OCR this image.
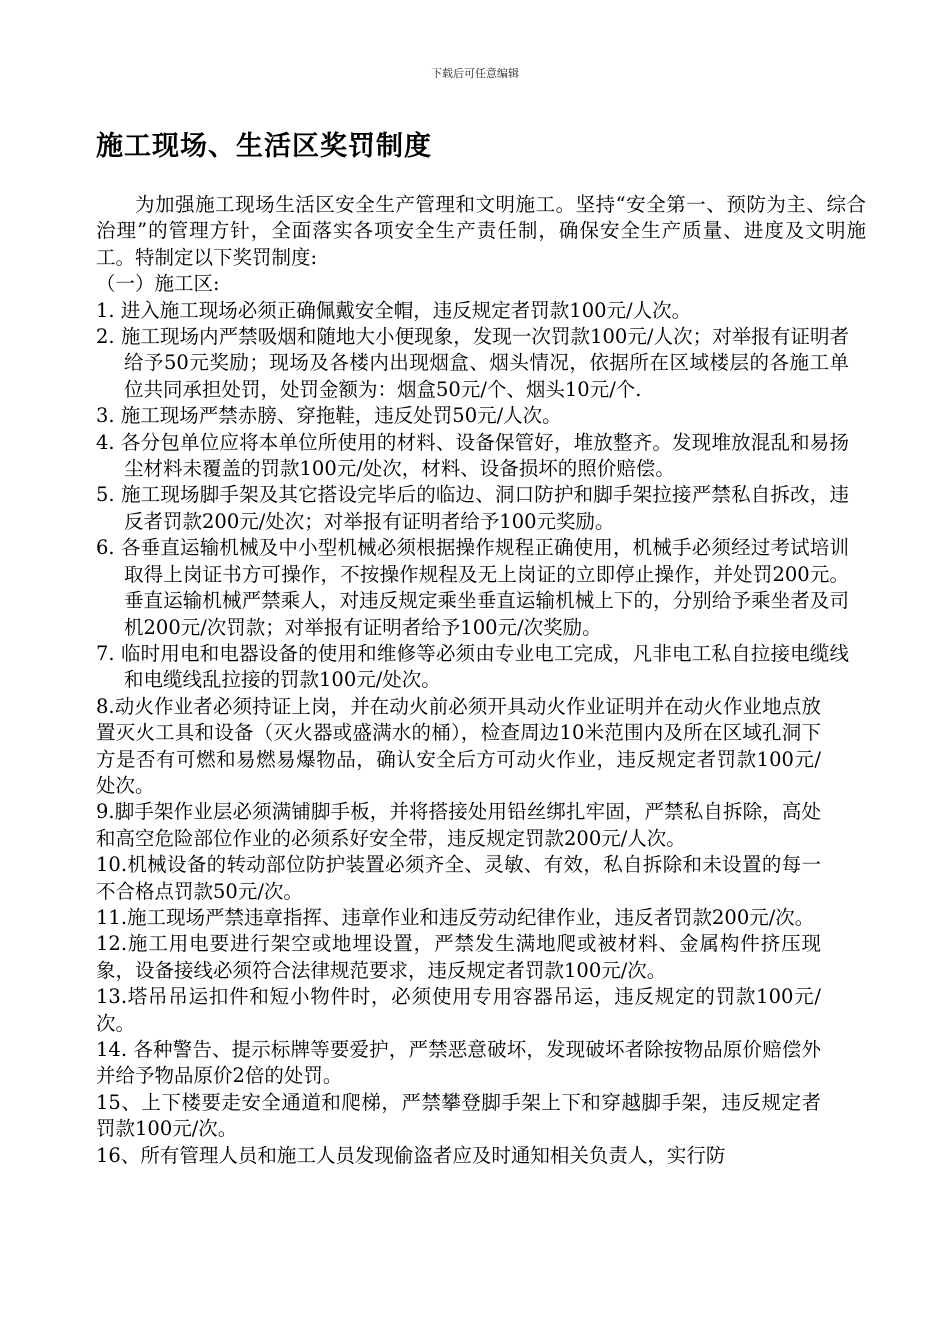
下载后可任意编辑
施工现场、生活区奖罚制度

为加强施工现场生活区安全生产管理和文明施工。坚持“安全第一、预防为主、综合治理”的管理方针，全面落实各项安全生产责任制，确保安全生产质量、进度及文明施工。特制定以下奖罚制度:

（一）施工区:

1. 进入施工现场必须正确佩戴安全帽，违反规定者罚款100元/人次。

2. 施工现场内严禁吸烟和随地大小便现象，发现一次罚款100元/人次；对举报有证明者给予50元奖励；现场及各楼内出现烟盒、烟头情况，依据所在区域楼层的各施工单位共同承担处罚，处罚金额为：烟盒50元/个、烟头10元/个.

3. 施工现场严禁赤膀、穿拖鞋，违反处罚50元/人次。

4. 各分包单位应将本单位所使用的材料、设备保管好，堆放整齐。发现堆放混乱和易扬尘材料未覆盖的罚款100元/处次，材料、设备损坏的照价赔偿。

5. 施工现场脚手架及其它搭设完毕后的临边、洞口防护和脚手架拉接严禁私自拆改，违反者罚款200元/处次；对举报有证明者给予100元奖励。

6. 各垂直运输机械及中小型机械必须根据操作规程正确使用，机械手必须经过考试培训取得上岗证书方可操作，不按操作规程及无上岗证的立即停止操作，并处罚200元。垂直运输机械严禁乘人，对违反规定乘坐垂直运输机械上下的，分别给予乘坐者及司机200元/次罚款；对举报有证明者给予100元/次奖励。

7. 临时用电和电器设备的使用和维修等必须由专业电工完成，凡非电工私自拉接电缆线和电缆线乱拉接的罚款100元/处次。

8.动火作业者必须持证上岗，并在动火前必须开具动火作业证明并在动火作业地点放置灭火工具和设备（灭火器或盛满水的桶），检查周边10米范围内及所在区域孔洞下方是否有可燃和易燃易爆物品，确认安全后方可动火作业，违反规定者罚款100元/处次。

9.脚手架作业层必须满铺脚手板，并将搭接处用铅丝绑扎牢固，严禁私自拆除，高处和高空危险部位作业的必须系好安全带，违反规定罚款200元/人次。

10.机械设备的转动部位防护装置必须齐全、灵敏、有效，私自拆除和未设置的每一不合格点罚款50元/次。

11.施工现场严禁违章指挥、违章作业和违反劳动纪律作业，违反者罚款200元/次。

12.施工用电要进行架空或地埋设置，严禁发生满地爬或被材料、金属构件挤压现象，设备接线必须符合法律规范要求，违反规定者罚款100元/次。

13.塔吊吊运扣件和短小物件时，必须使用专用容器吊运，违反规定的罚款100元/次。

14. 各种警告、提示标牌等要爱护，严禁恶意破坏，发现破坏者除按物品原价赔偿外并给予物品原价2倍的处罚。

15、上下楼要走安全通道和爬梯，严禁攀登脚手架上下和穿越脚手架，违反规定者罚款100元/次。

16、所有管理人员和施工人员发现偷盗者应及时通知相关负责人，实行防
